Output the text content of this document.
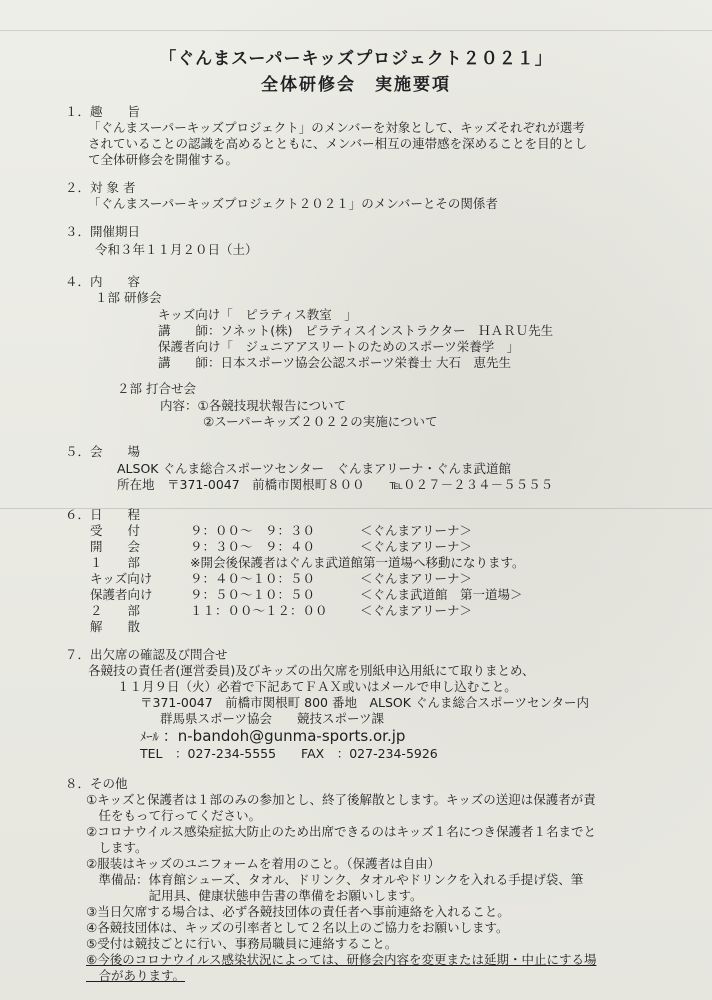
「ぐんまスーパーキッズプロジェクト２０２１」
全体研修会　実施要項
１．趣　　旨
「ぐんまスーパーキッズプロジェクト」のメンバーを対象として、キッズそれぞれが選考
されていることの認識を高めるとともに、メンバー相互の連帯感を深めることを目的とし
て全体研修会を開催する。
２．対 象 者
「ぐんまスーパーキッズプロジェクト２０２１」のメンバーとその関係者
３．開催期日
令和３年１１月２０日（土）
４．内　　容
１部 研修会
キッズ向け「　ピラティス教室　」
講　　師：ソネット(株)　ピラティスインストラクター　ＨＡＲＵ先生
保護者向け「　ジュニアアスリートのためのスポーツ栄養学　」
講　　師：日本スポーツ協会公認スポーツ栄養士 大石　恵先生
２部 打合せ会
内容：①各競技現状報告について
②スーパーキッズ２０２２の実施について
５．会　　場
ALSOK ぐんま総合スポーツセンター　ぐんまアリーナ・ぐんま武道館
所在地　〒371-0047　前橋市関根町８００　　℡０２７－２３４－５５５５
６．日　　程
受　　付	９：００～　９：３０	＜ぐんまアリーナ＞
開　　会	９：３０～　９：４０	＜ぐんまアリーナ＞
１　　部	※開会後保護者はぐんま武道館第一道場へ移動になります。
キッズ向け	９：４０～１０：５０	＜ぐんまアリーナ＞
保護者向け	９：５０～１０：５０	＜ぐんま武道館　第一道場＞
２　　部	１１：００～１２：００	＜ぐんまアリーナ＞
解　　散
７．出欠席の確認及び問合せ
各競技の責任者(運営委員)及びキッズの出欠席を別紙申込用紙にて取りまとめ、
１１月９日（火）必着で下記あてＦＡＸ或いはメールで申し込むこと。
〒371-0047　前橋市関根町 800 番地　ALSOK ぐんま総合スポーツセンター内
群馬県スポーツ協会　　競技スポーツ課
ﾒｰﾙ ：n-bandoh@gunma-sports.or.jp
TEL　：027-234-5555　　FAX　：027-234-5926
８．その他
①キッズと保護者は１部のみの参加とし、終了後解散とします。キッズの送迎は保護者が責
　任をもって行ってください。
②コロナウイルス感染症拡大防止のため出席できるのはキッズ１名につき保護者１名までと
　します。
②服装はキッズのユニフォームを着用のこと。（保護者は自由）
　準備品：体育館シューズ、タオル、ドリンク、タオルやドリンクを入れる手提げ袋、筆
　　　　　記用具、健康状態申告書の準備をお願いします。
③当日欠席する場合は、必ず各競技団体の責任者へ事前連絡を入れること。
④各競技団体は、キッズの引率者として２名以上のご協力をお願いします。
⑤受付は競技ごとに行い、事務局職員に連絡すること。
⑥今後のコロナウイルス感染状況によっては、研修会内容を変更または延期・中止にする場
　合があります。
